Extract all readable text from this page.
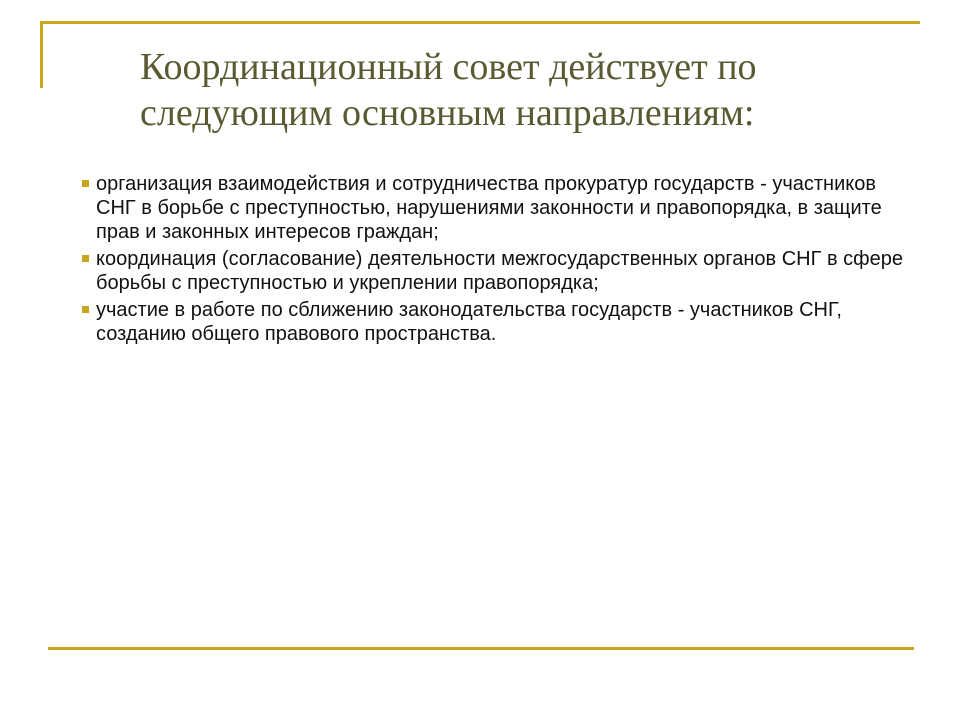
Координационный совет действует по следующим основным направлениям:
организация взаимодействия и сотрудничества прокуратур государств - участников СНГ в борьбе с преступностью, нарушениями законности и правопорядка, в защите прав и законных интересов граждан;
координация (согласование) деятельности межгосударственных органов СНГ в сфере борьбы с преступностью и укреплении правопорядка;
участие в работе по сближению законодательства государств - участников СНГ, созданию общего правового пространства.
